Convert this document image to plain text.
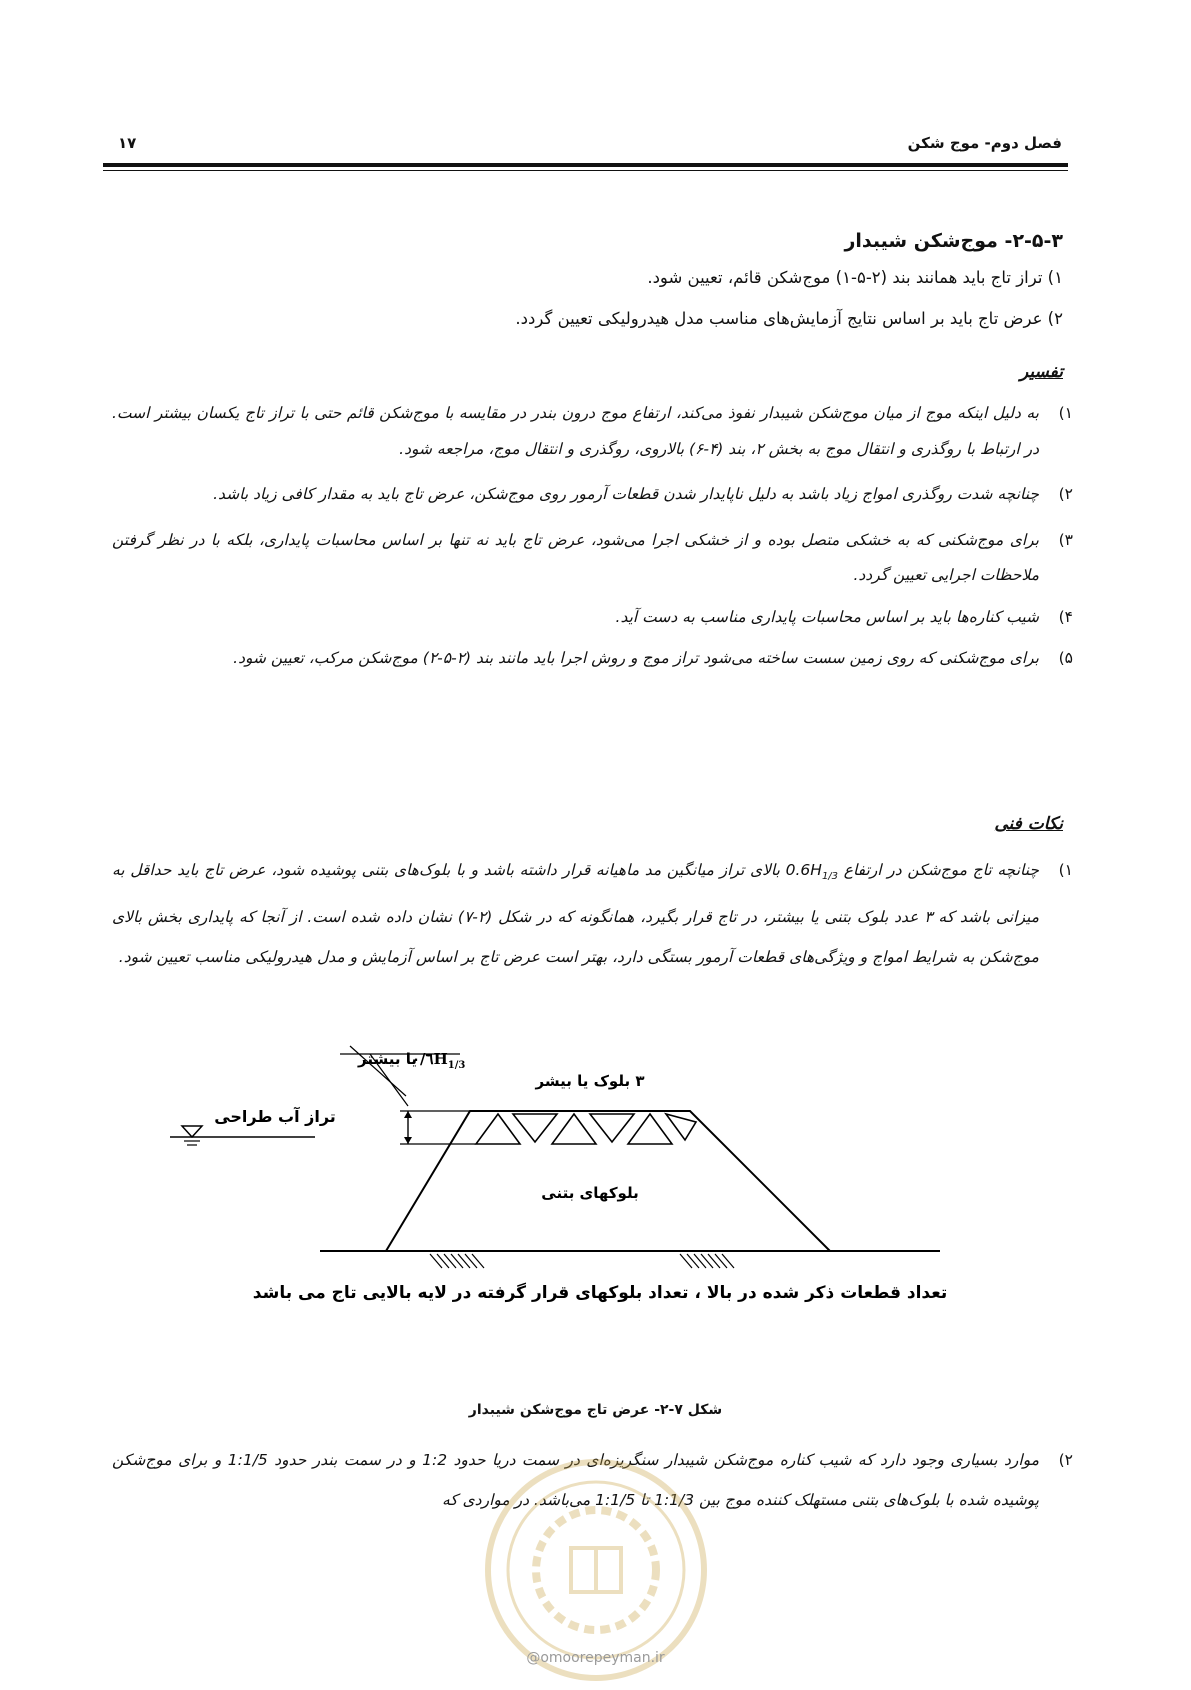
فصل دوم- موج شکن
۱۷
۲-۵-۳- موج‌شکن شیبدار
۱) تراز تاج باید همانند بند (۲-۵-۱) موج‌شکن قائم، تعیین شود.
۲) عرض تاج باید بر اساس نتایج آزمایش‌های مناسب مدل هیدرولیکی تعیین گردد.
تفسیر
۱)
به دلیل اینکه موج از میان موج‌شکن شیبدار نفوذ می‌کند، ارتفاع موج درون بندر در مقایسه با موج‌شکن قائم حتی با تراز تاج یکسان بیشتر است. در ارتباط با روگذری و انتقال موج به بخش ۲، بند (۴-۶) بالاروی، روگذری و انتقال موج، مراجعه شود.
۲)
چنانچه شدت روگذری امواج زیاد باشد به دلیل ناپایدار شدن قطعات آرمور روی موج‌شکن، عرض تاج باید به مقدار کافی زیاد باشد.
۳)
برای موج‌شکنی که به خشکی متصل بوده و از خشکی اجرا می‌شود، عرض تاج باید نه تنها بر اساس محاسبات پایداری، بلکه با در نظر گرفتن ملاحظات اجرایی تعیین گردد.
۴)
شیب کناره‌ها باید بر اساس محاسبات پایداری مناسب به دست آید.
۵)
برای موج‌شکنی که روی زمین سست ساخته می‌شود تراز موج و روش اجرا باید مانند بند (۲-۵-۲) موج‌شکن مرکب، تعیین شود.
نکات فنی
۱)
چنانچه تاج موج‌شکن در ارتفاع $0.6H_{1/3}$ بالای تراز میانگین مد ماهیانه قرار داشته باشد و با بلوک‌های بتنی پوشیده شود، عرض تاج باید حداقل به میزانی باشد که ۳ عدد بلوک بتنی یا بیشتر، در تاج قرار بگیرد، همانگونه که در شکل (۲-۷) نشان داده شده است. از آنجا که پایداری بخش بالای موج‌شکن به شرایط امواج و ویژگی‌های قطعات آرمور بستگی دارد، بهتر است عرض تاج بر اساس آزمایش و مدل هیدرولیکی مناسب تعیین شود.
یا بیشتر
$٠/٦H_{1/3}$
۳ بلوک یا بیشر
تراز آب طراحی
بلوکهای بتنی
تعداد قطعات ذکر شده در بالا ، تعداد بلوکهای قرار گرفته در لایه بالایی تاج می باشد
شکل ۷-۲- عرض تاج موج‌شکن شیبدار
۲)
موارد بسیاری وجود دارد که شیب کناره موج‌شکن شیبدار سنگریزه‌ای در سمت دریا حدود 1:2 و در سمت بندر حدود 1:1/5 و برای موج‌شکن پوشیده شده با بلوک‌های بتنی مستهلک کننده موج بین 1:1/3 تا 1:1/5 می‌باشد. در مواردی که
@omoorepeyman.ir
